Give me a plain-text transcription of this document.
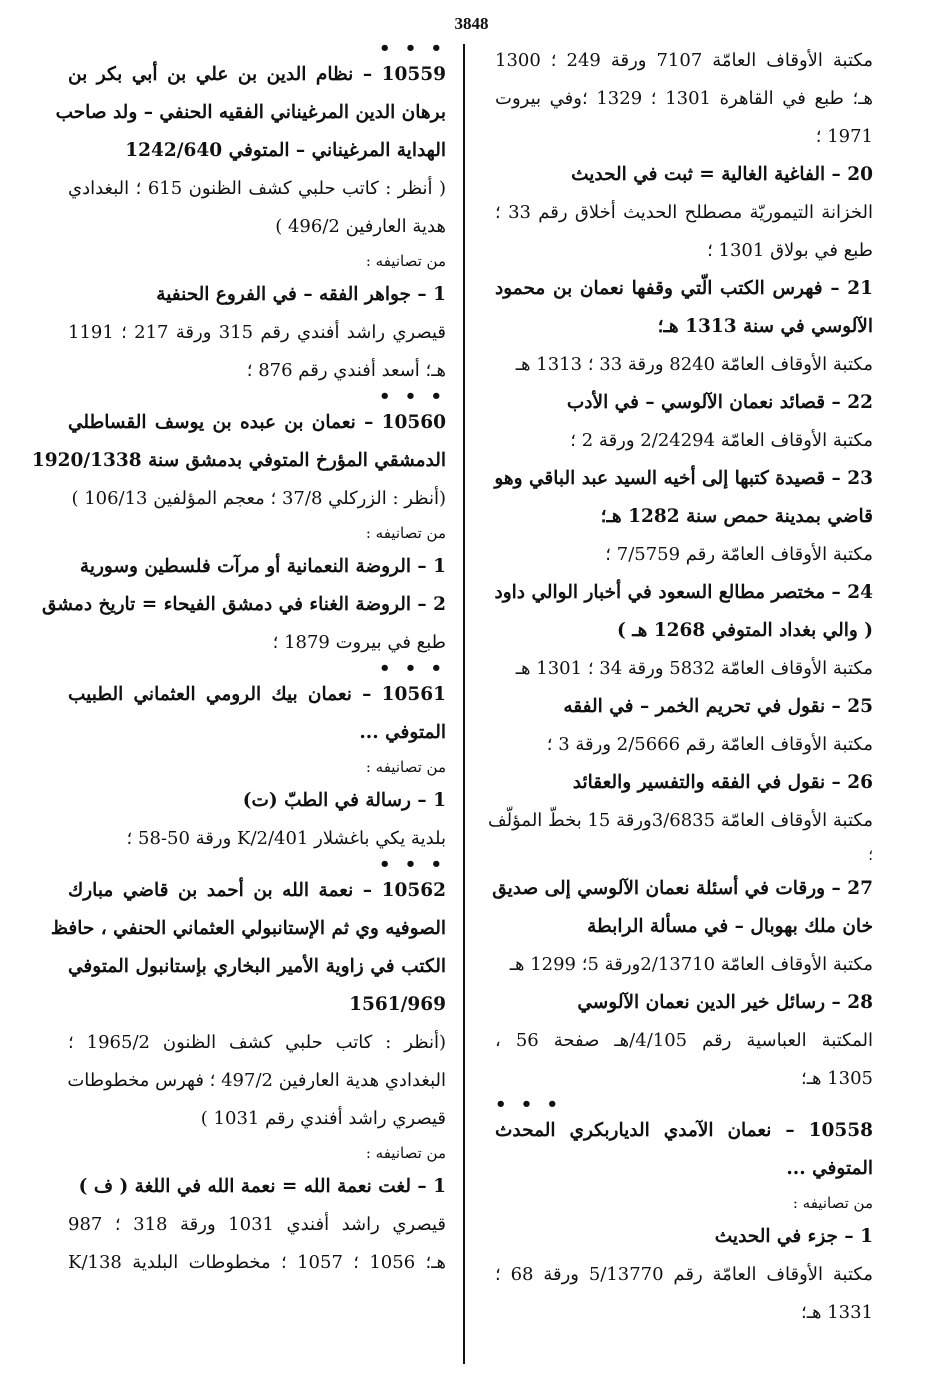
3848
مكتبة الأوقاف العامّة 7107 ورقة 249 ؛ 1300
هـ؛ طبع في القاهرة 1301 ؛ 1329 ؛وفي بيروت
1971 ؛
20 – الفاغية الغالية = ثبت في الحديث
الخزانة التيموريّة مصطلح الحديث أخلاق رقم 33 ؛
طبع في بولاق 1301 ؛
21 – فهرس الكتب الّتي وقفها نعمان بن محمود
الآلوسي في سنة 1313 هـ؛
مكتبة الأوقاف العامّة 8240 ورقة 33 ؛ 1313 هـ
22 – قصائد نعمان الآلوسي – في الأدب
مكتبة الأوقاف العامّة 2/24294 ورقة 2 ؛
23 – قصيدة كتبها إلى أخيه السيد عبد الباقي وهو
قاضي بمدينة حمص سنة 1282 هـ؛
مكتبة الأوقاف العامّة رقم 7/5759 ؛
24 – مختصر مطالع السعود في أخبار الوالي داود
( والي بغداد المتوفي 1268 هـ )
مكتبة الأوقاف العامّة 5832 ورقة 34 ؛ 1301 هـ
25 – نقول في تحريم الخمر – في الفقه
مكتبة الأوقاف العامّة رقم 2/5666 ورقة 3 ؛
26 – نقول في الفقه والتفسير والعقائد
مكتبة الأوقاف العامّة 3/6835ورقة 15 بخطّ المؤلّف
؛
27 – ورقات في أسئلة نعمان الآلوسي إلى صديق
خان ملك بهوبال – في مسألة الرابطة
مكتبة الأوقاف العامّة 2/13710ورقة 5؛ 1299 هـ
28 – رسائل خير الدين نعمان الآلوسي
المكتبة العباسية رقم 4/105/هـ صفحة 56 ،
1305 هـ؛
• • •
10558 – نعمان الآمدي الدياربكري المحدث
المتوفي ...
من تصانيفه :
1 – جزء في الحديث
مكتبة الأوقاف العامّة رقم 5/13770 ورقة 68 ؛
1331 هـ؛
• • •
10559 – نظام الدين بن علي بن أبي بكر بن
برهان الدين المرغيناني الفقيه الحنفي – ولد صاحب
الهداية المرغيناني – المتوفي 1242/640
( أنظر : كاتب حلبي كشف الظنون 615 ؛ البغدادي
هدية العارفين 496/2 )
من تصانيفه :
1 – جواهر الفقه – في الفروع الحنفية
قيصري راشد أفندي رقم 315 ورقة 217 ؛ 1191
هـ؛ أسعد أفندي رقم 876 ؛
• • •
10560 – نعمان بن عبده بن يوسف القساطلي
الدمشقي المؤرخ المتوفي بدمشق سنة 1920/1338
(أنظر : الزركلي 37/8 ؛ معجم المؤلفين 106/13 )
من تصانيفه :
1 – الروضة النعمانية أو مرآت فلسطين وسورية
2 – الروضة الغناء في دمشق الفيحاء = تاريخ دمشق
طبع في بيروت 1879 ؛
• • •
10561 – نعمان بيك الرومي العثماني الطبيب
المتوفي ...
من تصانيفه :
1 – رسالة في الطبّ (ت)
بلدية يكي باغشلار 2/401/K ورقة 50-58 ؛
• • •
10562 – نعمة الله بن أحمد بن قاضي مبارك
الصوفيه وي ثم الإستانبولي العثماني الحنفي ، حافظ
الكتب في زاوية الأمير البخاري بإستانبول المتوفي
1561/969
(أنظر : كاتب حلبي كشف الظنون 1965/2 ؛
البغدادي هدية العارفين 497/2 ؛ فهرس مخطوطات
قيصري راشد أفندي رقم 1031 )
من تصانيفه :
1 – لغت نعمة الله = نعمة الله في اللغة ( ف )
قيصري راشد أفندي 1031 ورقة 318 ؛ 987
هـ؛ 1056 ؛ 1057 ؛ مخطوطات البلدية 138/K
